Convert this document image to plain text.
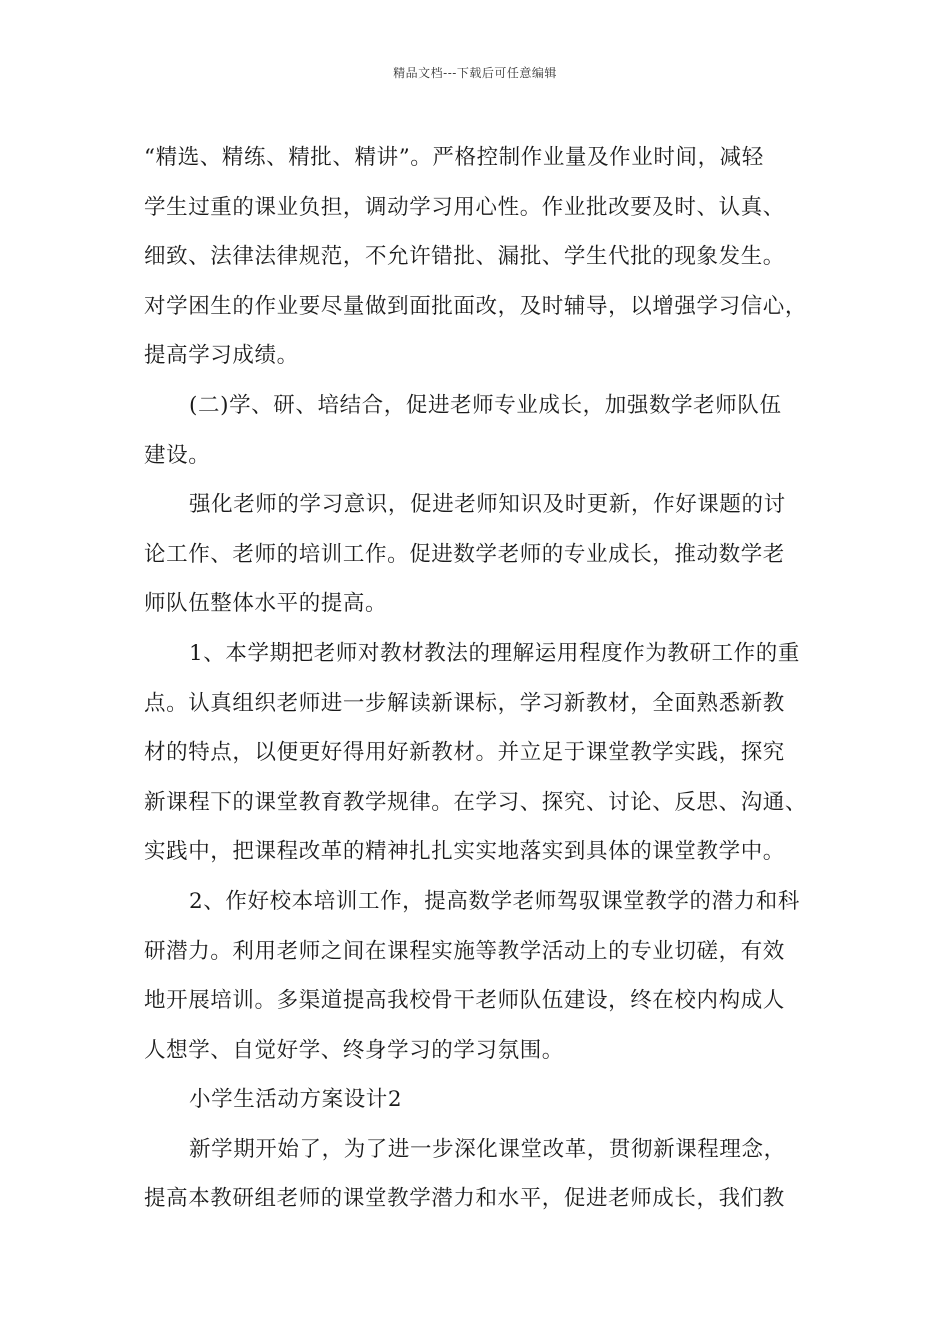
精品文档---下载后可任意编辑
“精选、精练、精批、精讲”。严格控制作业量及作业时间，减轻
学生过重的课业负担，调动学习用心性。作业批改要及时、认真、
细致、法律法律规范，不允许错批、漏批、学生代批的现象发生。
对学困生的作业要尽量做到面批面改，及时辅导，以增强学习信心，
提高学习成绩。
(二)学、研、培结合，促进老师专业成长，加强数学老师队伍
建设。
强化老师的学习意识，促进老师知识及时更新，作好课题的讨
论工作、老师的培训工作。促进数学老师的专业成长，推动数学老
师队伍整体水平的提高。
1、本学期把老师对教材教法的理解运用程度作为教研工作的重
点。认真组织老师进一步解读新课标，学习新教材，全面熟悉新教
材的特点，以便更好得用好新教材。并立足于课堂教学实践，探究
新课程下的课堂教育教学规律。在学习、探究、讨论、反思、沟通、
实践中，把课程改革的精神扎扎实实地落实到具体的课堂教学中。
2、作好校本培训工作，提高数学老师驾驭课堂教学的潜力和科
研潜力。利用老师之间在课程实施等教学活动上的专业切磋，有效
地开展培训。多渠道提高我校骨干老师队伍建设，终在校内构成人
人想学、自觉好学、终身学习的学习氛围。
小学生活动方案设计2
新学期开始了，为了进一步深化课堂改革，贯彻新课程理念，
提高本教研组老师的课堂教学潜力和水平，促进老师成长，我们教
